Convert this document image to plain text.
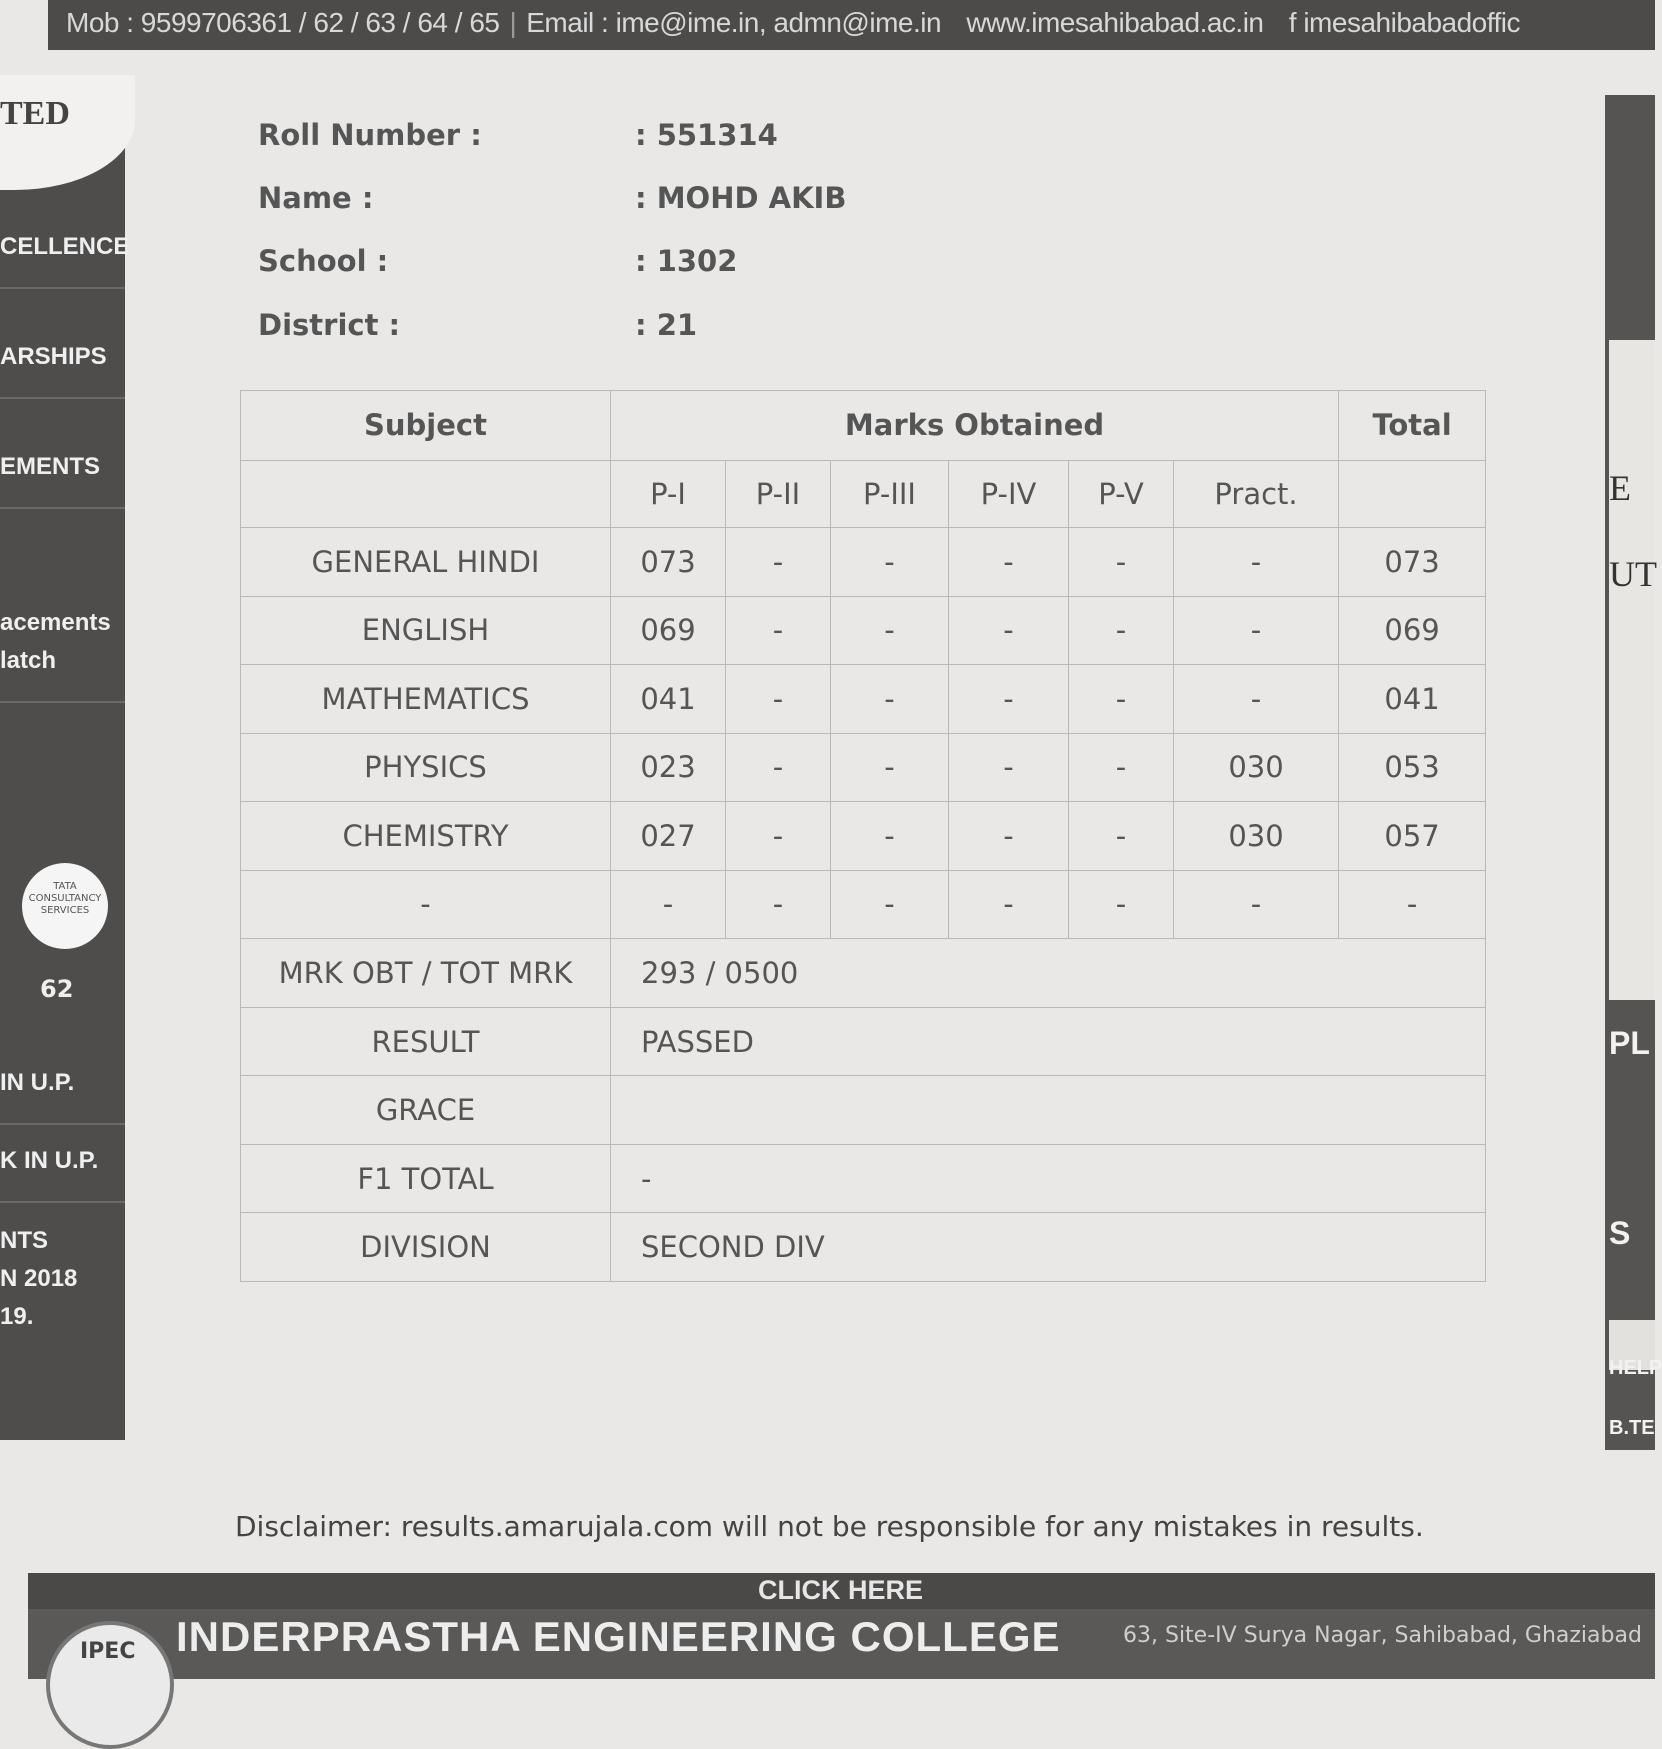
Mob : 9599706361 / 62 / 63 / 64 / 65 | Email : ime@ime.in, admn@ime.in www.imesahibabad.ac.in f imesahibabadoffic
TED
CELLENCE
ARSHIPS
EMENTS
acements
latch
TATA CONSULTANCY SERVICES
62
IN U.P.
K IN U.P.
NTS
N 2018
19.
E
UT
PL
S
HELP
B.TE
Roll Number :	: 551314
Name :	: MOHD AKIB
School :	: 1302
District :	: 21
Subject	Marks Obtained						Total
	P-I	P-II	P-III	P-IV	P-V	Pract.	
GENERAL HINDI	073	-	-	-	-	-	073
ENGLISH	069	-	-	-	-	-	069
MATHEMATICS	041	-	-	-	-	-	041
PHYSICS	023	-	-	-	-	030	053
CHEMISTRY	027	-	-	-	-	030	057
-	-	-	-	-	-	-	-
MRK OBT / TOT MRK	293 / 0500						
RESULT	PASSED						
GRACE							
F1 TOTAL	-						
DIVISION	SECOND DIV						
Disclaimer: results.amarujala.com will not be responsible for any mistakes in results.
CLICK HERE
IPEC INDERPRASTHA ENGINEERING COLLEGE	63, Site-IV Surya Nagar, Sahibabad, Ghaziabad
